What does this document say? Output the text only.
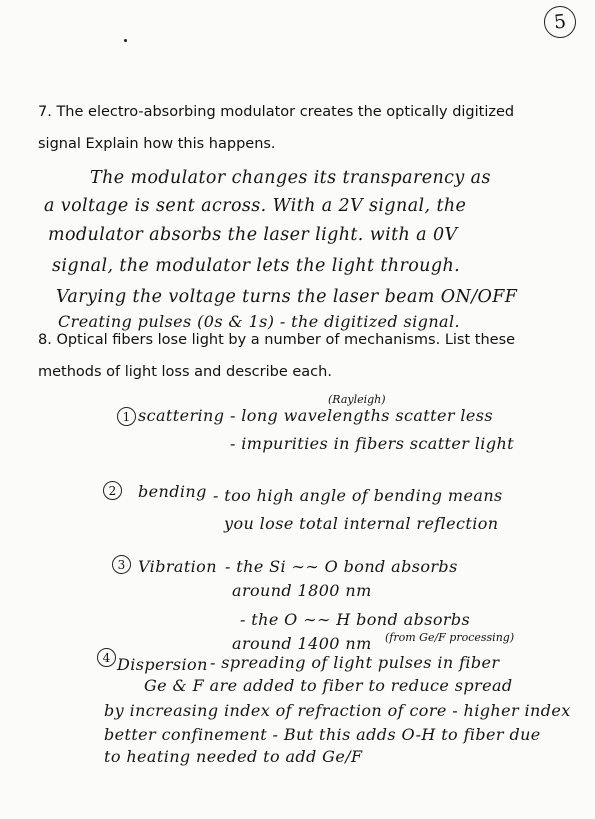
5
7. The electro-absorbing modulator creates the optically digitized
signal Explain how this happens.
The modulator changes its transparency as
a voltage is sent across. With a 2V signal, the
modulator absorbs the laser light. with a 0V
signal, the modulator lets the light through.
Varying the voltage turns the laser beam ON/OFF
Creating pulses (0s & 1s) - the digitized signal.
8. Optical fibers lose light by a number of mechanisms. List these
methods of light loss and describe each.
(Rayleigh)
1 scattering - long wavelengths scatter less
- impurities in fibers scatter light
2	bending - too high angle of bending means
you lose total internal reflection
3 Vibration - the Si ∼∼ O bond absorbs
around 1800 nm
- the O ∼∼ H bond absorbs
around 1400 nm (from Ge/F processing)
4 Dispersion - spreading of light pulses in fiber
Ge & F are added to fiber to reduce spread
by increasing index of refraction of core - higher index
better confinement - But this adds O-H to fiber due
to heating needed to add Ge/F
